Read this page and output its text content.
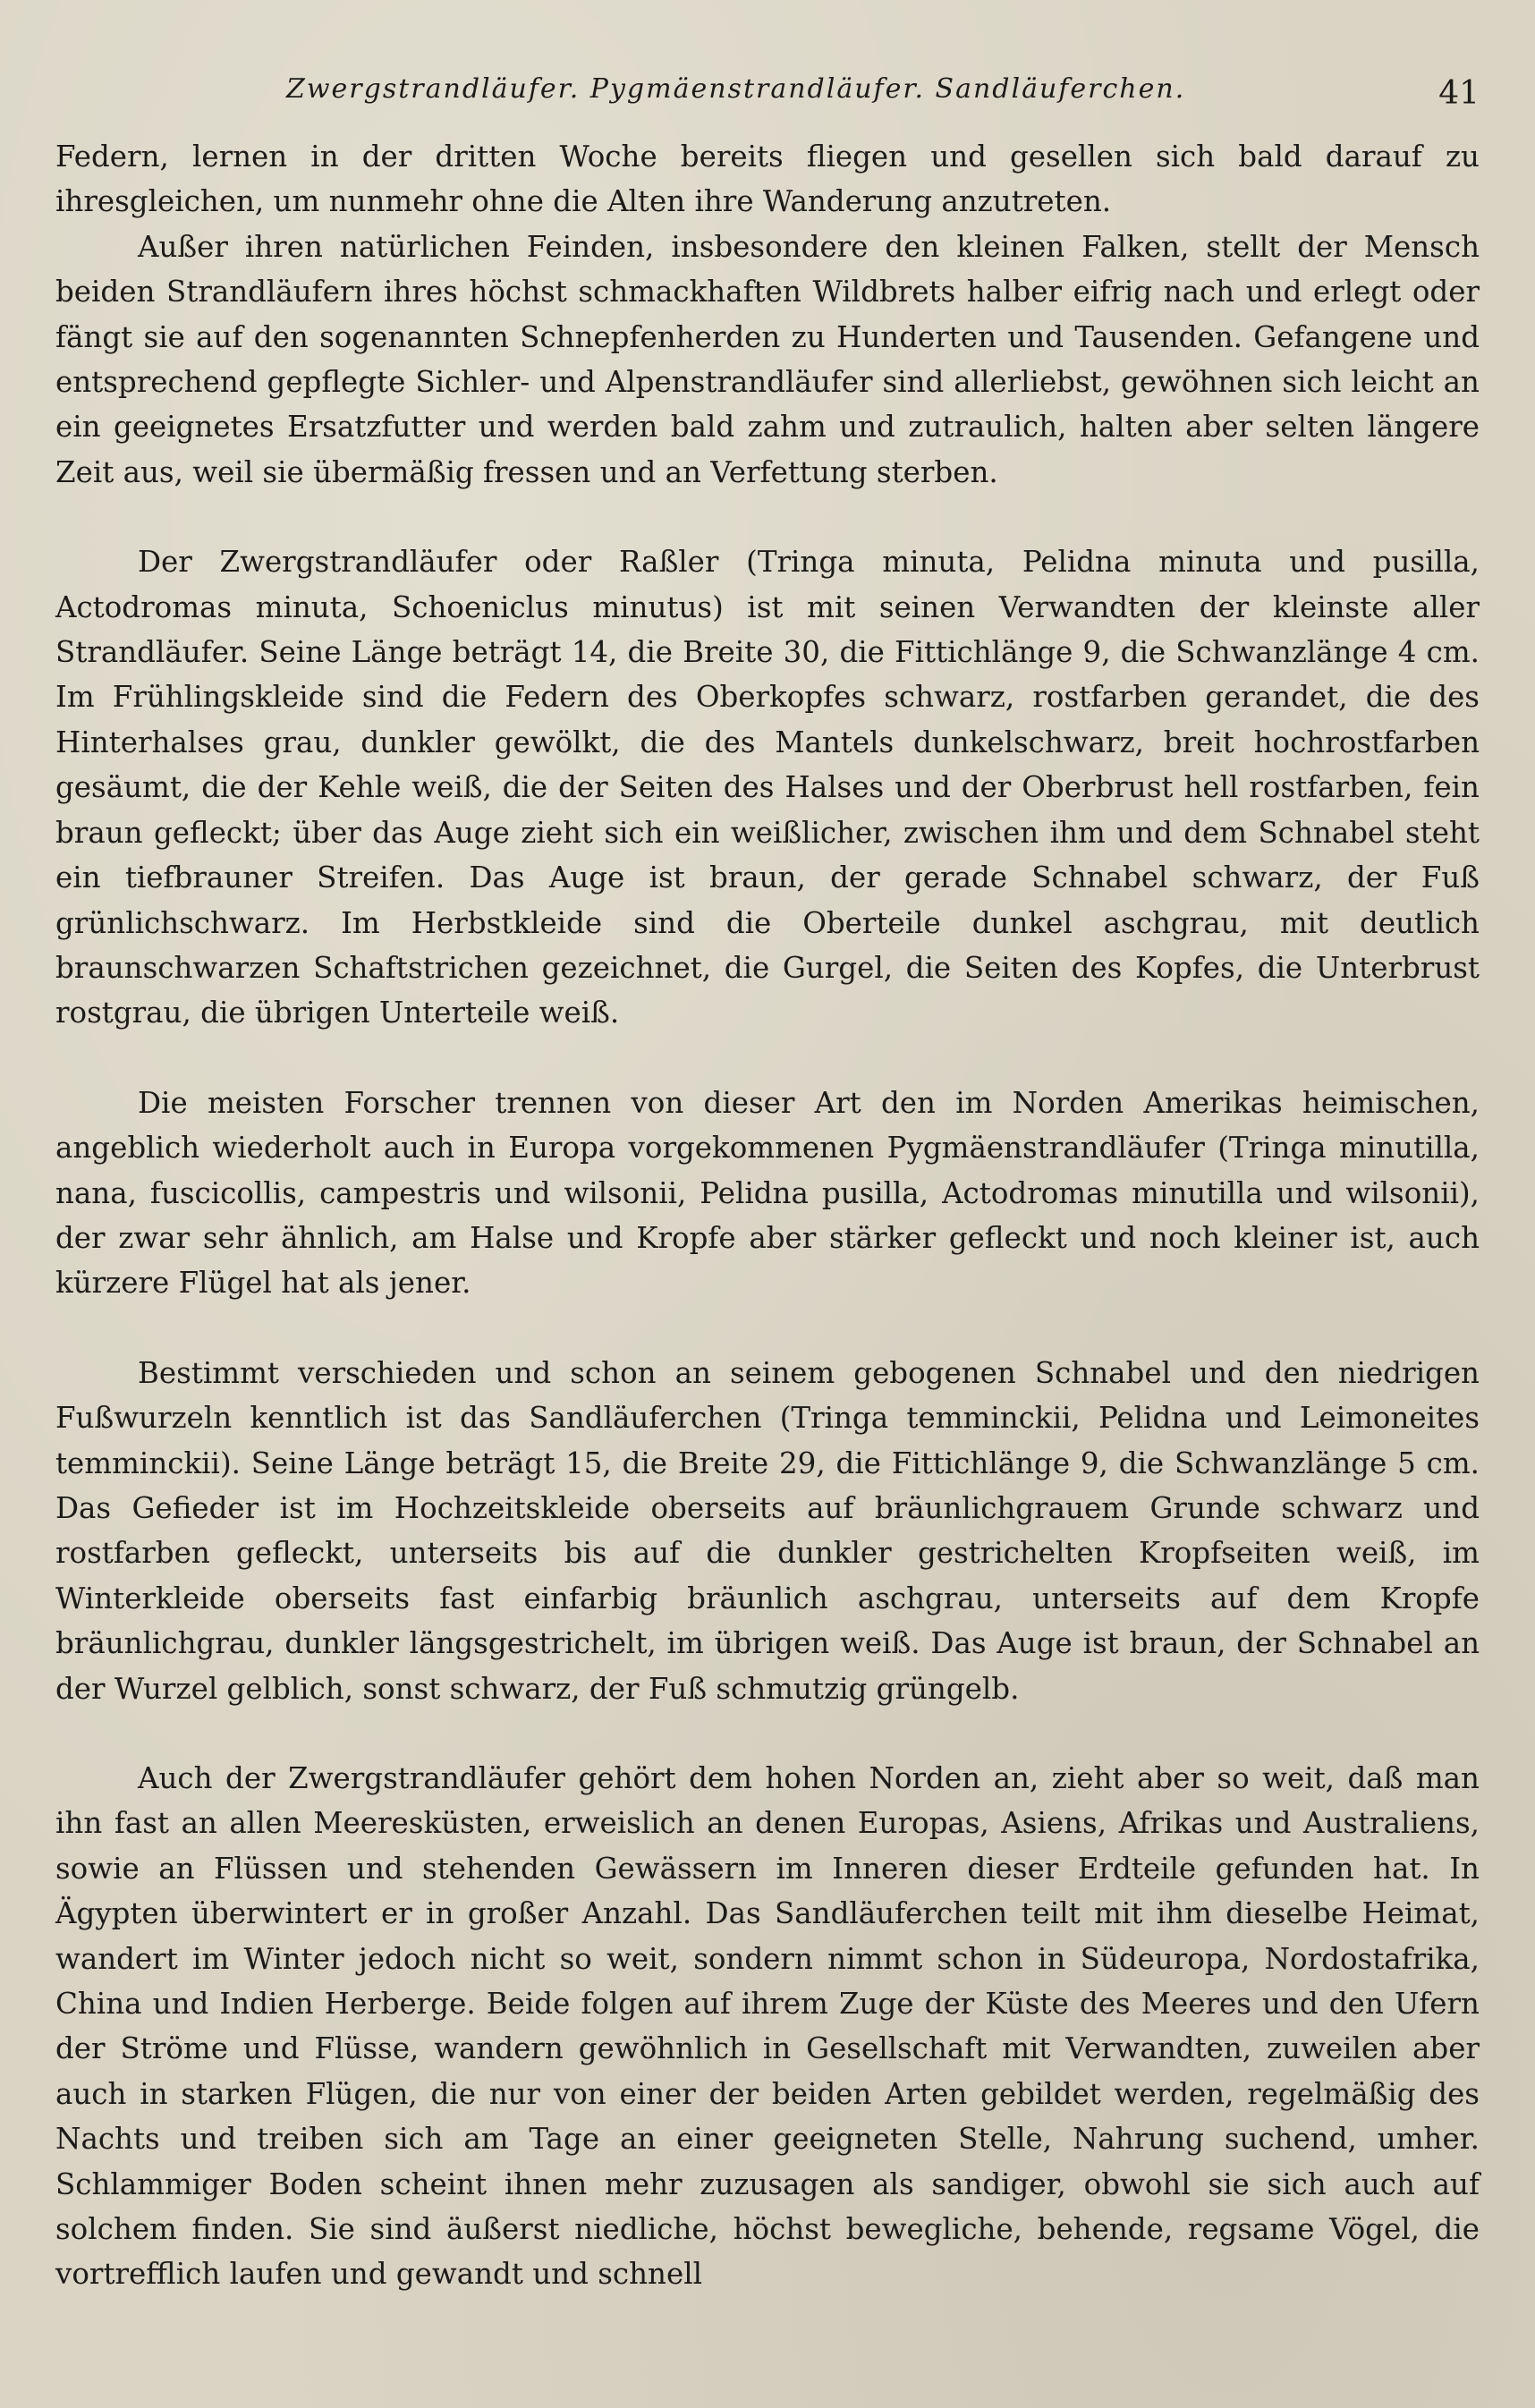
Zwergstrandläufer. Pygmäenstrandläufer. Sandläuferchen.	41

Federn, lernen in der dritten Woche bereits fliegen und gesellen sich bald darauf zu ihresgleichen, um nunmehr ohne die Alten ihre Wanderung anzutreten.

Außer ihren natürlichen Feinden, insbesondere den kleinen Falken, stellt der Mensch beiden Strandläufern ihres höchst schmackhaften Wildbrets halber eifrig nach und erlegt oder fängt sie auf den sogenannten Schnepfenherden zu Hunderten und Tausenden. Gefangene und entsprechend gepflegte Sichler- und Alpenstrandläufer sind allerliebst, gewöhnen sich leicht an ein geeignetes Ersatzfutter und werden bald zahm und zutraulich, halten aber selten längere Zeit aus, weil sie übermäßig fressen und an Verfettung sterben.

Der Zwergstrandläufer oder Raßler (Tringa minuta, Pelidna minuta und pusilla, Actodromas minuta, Schoeniclus minutus) ist mit seinen Verwandten der kleinste aller Strandläufer. Seine Länge beträgt 14, die Breite 30, die Fittichlänge 9, die Schwanzlänge 4 cm. Im Frühlingskleide sind die Federn des Oberkopfes schwarz, rostfarben gerandet, die des Hinterhalses grau, dunkler gewölkt, die des Mantels dunkelschwarz, breit hochrostfarben gesäumt, die der Kehle weiß, die der Seiten des Halses und der Oberbrust hell rostfarben, fein braun gefleckt; über das Auge zieht sich ein weißlicher, zwischen ihm und dem Schnabel steht ein tiefbrauner Streifen. Das Auge ist braun, der gerade Schnabel schwarz, der Fuß grünlichschwarz. Im Herbstkleide sind die Oberteile dunkel aschgrau, mit deutlich braunschwarzen Schaftstrichen gezeichnet, die Gurgel, die Seiten des Kopfes, die Unterbrust rostgrau, die übrigen Unterteile weiß.

Die meisten Forscher trennen von dieser Art den im Norden Amerikas heimischen, angeblich wiederholt auch in Europa vorgekommenen Pygmäenstrandläufer (Tringa minutilla, nana, fuscicollis, campestris und wilsonii, Pelidna pusilla, Actodromas minutilla und wilsonii), der zwar sehr ähnlich, am Halse und Kropfe aber stärker gefleckt und noch kleiner ist, auch kürzere Flügel hat als jener.

Bestimmt verschieden und schon an seinem gebogenen Schnabel und den niedrigen Fußwurzeln kenntlich ist das Sandläuferchen (Tringa temminckii, Pelidna und Leimoneites temminckii). Seine Länge beträgt 15, die Breite 29, die Fittichlänge 9, die Schwanzlänge 5 cm. Das Gefieder ist im Hochzeitskleide oberseits auf bräunlichgrauem Grunde schwarz und rostfarben gefleckt, unterseits bis auf die dunkler gestrichelten Kropfseiten weiß, im Winterkleide oberseits fast einfarbig bräunlich aschgrau, unterseits auf dem Kropfe bräunlichgrau, dunkler längsgestrichelt, im übrigen weiß. Das Auge ist braun, der Schnabel an der Wurzel gelblich, sonst schwarz, der Fuß schmutzig grüngelb.

Auch der Zwergstrandläufer gehört dem hohen Norden an, zieht aber so weit, daß man ihn fast an allen Meeresküsten, erweislich an denen Europas, Asiens, Afrikas und Australiens, sowie an Flüssen und stehenden Gewässern im Inneren dieser Erdteile gefunden hat. In Ägypten überwintert er in großer Anzahl. Das Sandläuferchen teilt mit ihm dieselbe Heimat, wandert im Winter jedoch nicht so weit, sondern nimmt schon in Südeuropa, Nordostafrika, China und Indien Herberge. Beide folgen auf ihrem Zuge der Küste des Meeres und den Ufern der Ströme und Flüsse, wandern gewöhnlich in Gesellschaft mit Verwandten, zuweilen aber auch in starken Flügen, die nur von einer der beiden Arten gebildet werden, regelmäßig des Nachts und treiben sich am Tage an einer geeigneten Stelle, Nahrung suchend, umher. Schlammiger Boden scheint ihnen mehr zuzusagen als sandiger, obwohl sie sich auch auf solchem finden. Sie sind äußerst niedliche, höchst bewegliche, behende, regsame Vögel, die vortrefflich laufen und gewandt und schnell
